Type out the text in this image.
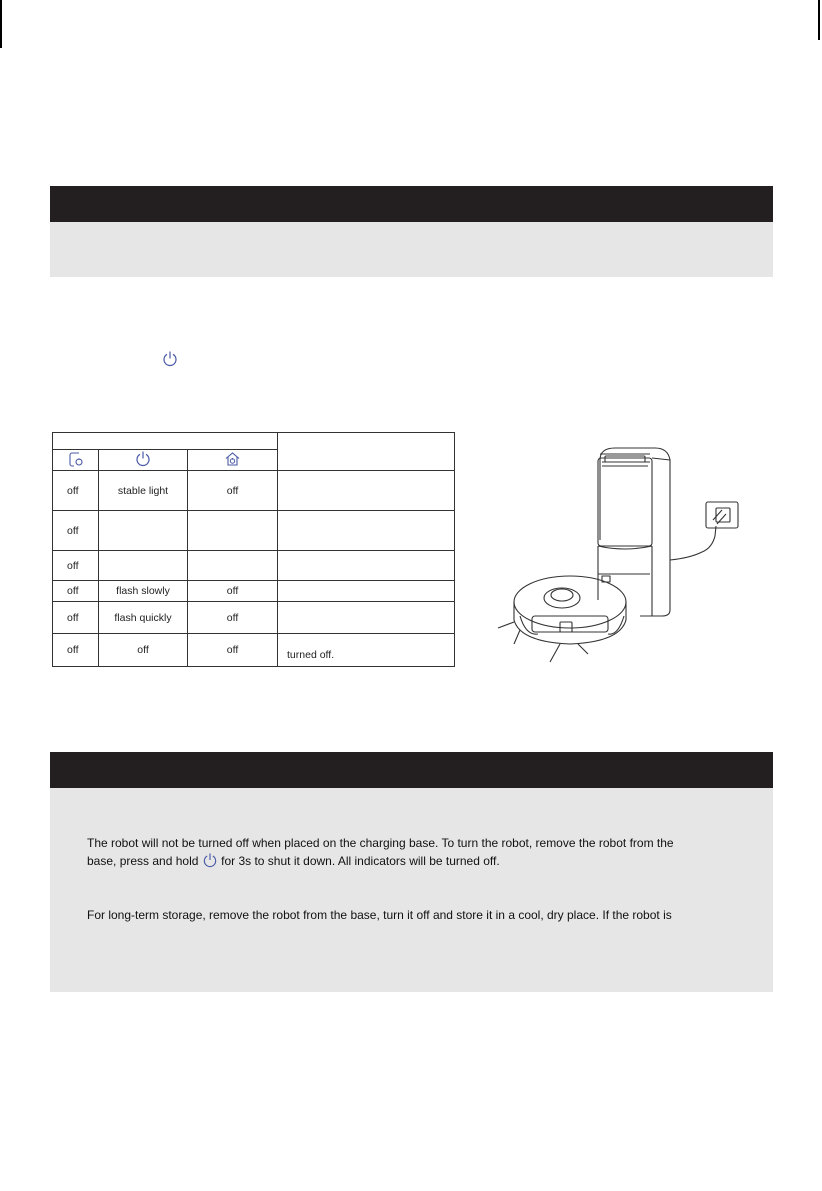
off	stable light	off	
off			
off			
off	flash slowly	off	
off	flash quickly	off	
off	off	off	turned off.

The robot will not be turned off when placed on the charging base. To turn the robot, remove the robot from the

base, press and hold for 3s to shut it down. All indicators will be turned off.

For long-term storage, remove the robot from the base, turn it off and store it in a cool, dry place. If the robot is
